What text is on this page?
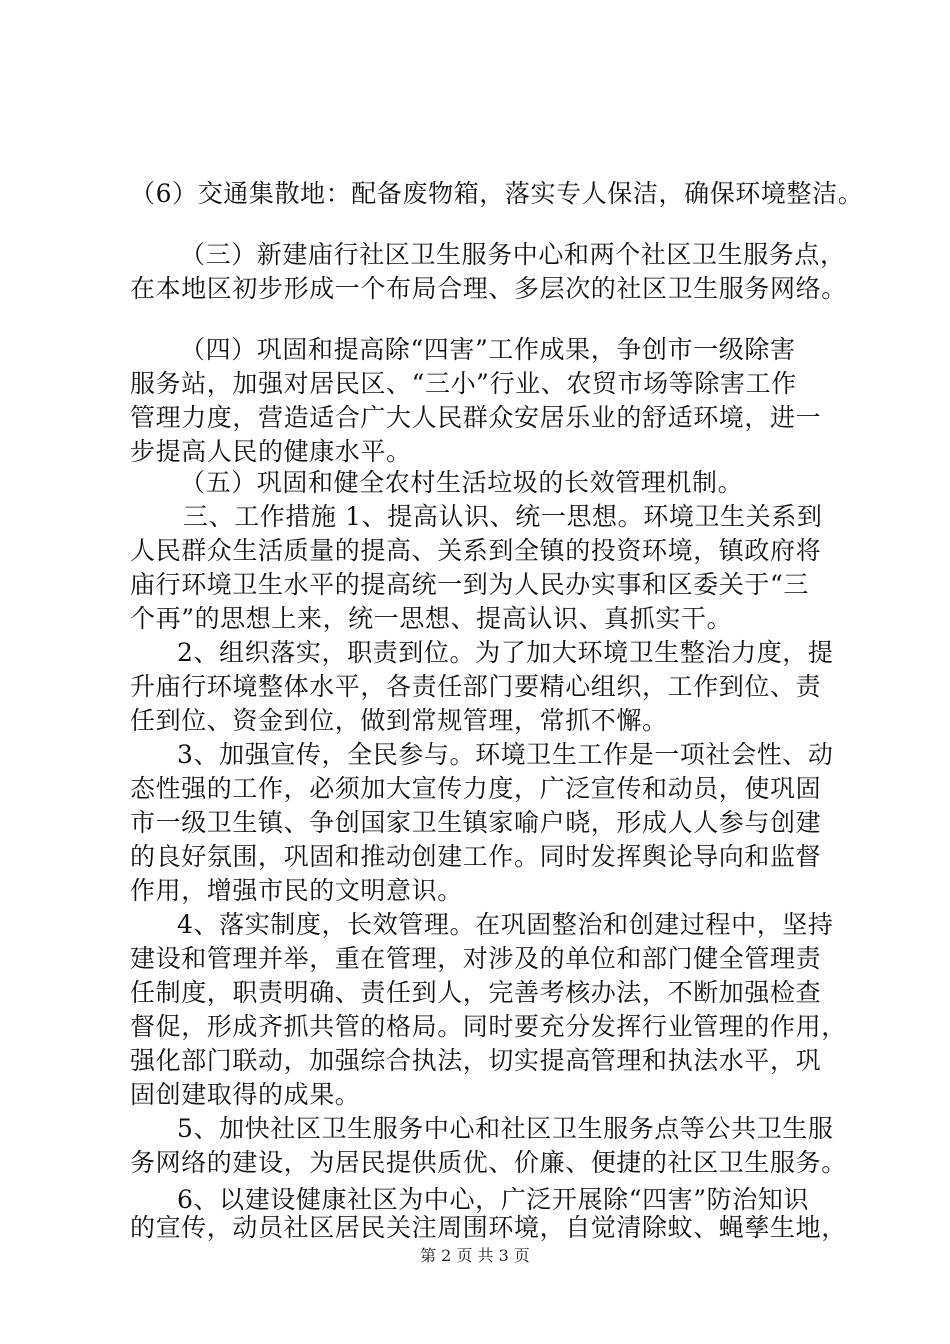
（6）交通集散地：配备废物箱，落实专人保洁，确保环境整洁。
（三）新建庙行社区卫生服务中心和两个社区卫生服务点，
在本地区初步形成一个布局合理、多层次的社区卫生服务网络。
（四）巩固和提高除“四害”工作成果，争创市一级除害
服务站，加强对居民区、“三小”行业、农贸市场等除害工作
管理力度，营造适合广大人民群众安居乐业的舒适环境，进一
步提高人民的健康水平。
（五）巩固和健全农村生活垃圾的长效管理机制。
三、工作措施 1、提高认识、统一思想。环境卫生关系到
人民群众生活质量的提高、关系到全镇的投资环境，镇政府将
庙行环境卫生水平的提高统一到为人民办实事和区委关于“三
个再”的思想上来，统一思想、提高认识、真抓实干。
2、组织落实，职责到位。为了加大环境卫生整治力度，提
升庙行环境整体水平，各责任部门要精心组织，工作到位、责
任到位、资金到位，做到常规管理，常抓不懈。
3、加强宣传，全民参与。环境卫生工作是一项社会性、动
态性强的工作，必须加大宣传力度，广泛宣传和动员，使巩固
市一级卫生镇、争创国家卫生镇家喻户晓，形成人人参与创建
的良好氛围，巩固和推动创建工作。同时发挥舆论导向和监督
作用，增强市民的文明意识。
4、落实制度，长效管理。在巩固整治和创建过程中，坚持
建设和管理并举，重在管理，对涉及的单位和部门健全管理责
任制度，职责明确、责任到人，完善考核办法，不断加强检查
督促，形成齐抓共管的格局。同时要充分发挥行业管理的作用，
强化部门联动，加强综合执法，切实提高管理和执法水平，巩
固创建取得的成果。
5、加快社区卫生服务中心和社区卫生服务点等公共卫生服
务网络的建设，为居民提供质优、价廉、便捷的社区卫生服务。
6、以建设健康社区为中心，广泛开展除“四害”防治知识
的宣传，动员社区居民关注周围环境，自觉清除蚊、蝇孳生地，
第 2 页 共 3 页
